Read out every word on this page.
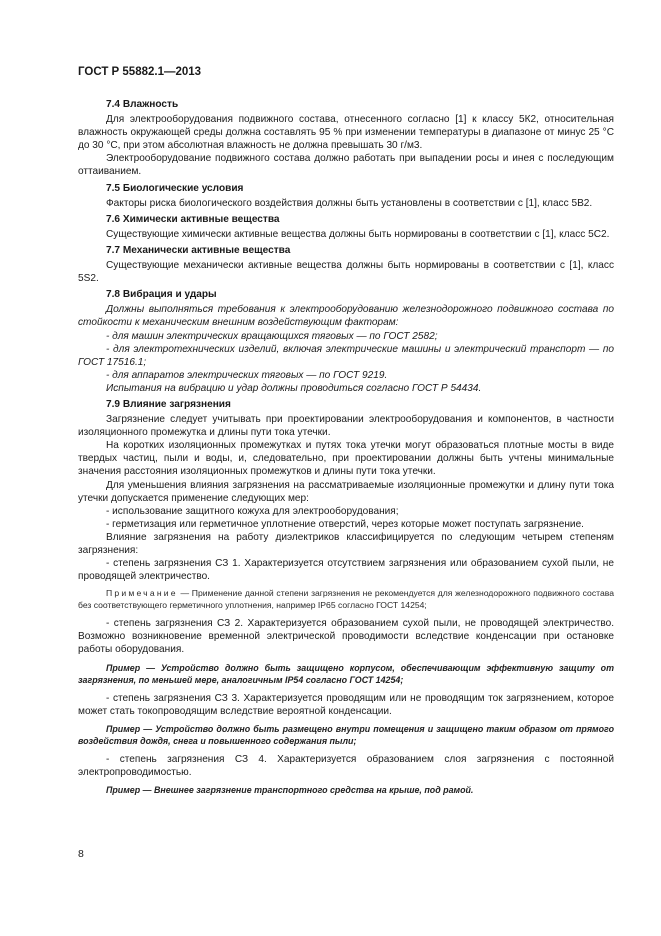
ГОСТ Р 55882.1—2013
7.4 Влажность

Для электрооборудования подвижного состава, отнесенного согласно [1] к классу 5К2, относительная влажность окружающей среды должна составлять 95 % при изменении температуры в диапазоне от минус 25 °С до 30 °С, при этом абсолютная влажность не должна превышать 30 г/м3.

Электрооборудование подвижного состава должно работать при выпадении росы и инея с последующим оттаиванием.

7.5 Биологические условия

Факторы риска биологического воздействия должны быть установлены в соответствии с [1], класс 5В2.

7.6 Химически активные вещества

Существующие химически активные вещества должны быть нормированы в соответствии с [1], класс 5С2.

7.7 Механически активные вещества

Существующие механически активные вещества должны быть нормированы в соответствии с [1], класс 5S2.

7.8 Вибрация и удары

Должны выполняться требования к электрооборудованию железнодорожного подвижного состава по стойкости к механическим внешним воздействующим факторам:

- для машин электрических вращающихся тяговых — по ГОСТ 2582;

- для электротехнических изделий, включая электрические машины и электрический транспорт — по ГОСТ 17516.1;

- для аппаратов электрических тяговых — по ГОСТ 9219.

Испытания на вибрацию и удар должны проводиться согласно ГОСТ Р 54434.

7.9 Влияние загрязнения

Загрязнение следует учитывать при проектировании электрооборудования и компонентов, в частности изоляционного промежутка и длины пути тока утечки.

На коротких изоляционных промежутках и путях тока утечки могут образоваться плотные мосты в виде твердых частиц, пыли и воды, и, следовательно, при проектировании должны быть учтены минимальные значения расстояния изоляционных промежутков и длины пути тока утечки.

Для уменьшения влияния загрязнения на рассматриваемые изоляционные промежутки и длину пути тока утечки допускается применение следующих мер:

- использование защитного кожуха для электрооборудования;

- герметизация или герметичное уплотнение отверстий, через которые может поступать загрязнение.

Влияние загрязнения на работу диэлектриков классифицируется по следующим четырем степеням загрязнения:

- степень загрязнения СЗ 1. Характеризуется отсутствием загрязнения или образованием сухой пыли, не проводящей электричество.

Примечание — Применение данной степени загрязнения не рекомендуется для железнодорожного подвижного состава без соответствующего герметичного уплотнения, например IP65 согласно ГОСТ 14254;

- степень загрязнения СЗ 2. Характеризуется образованием сухой пыли, не проводящей электричество. Возможно возникновение временной электрической проводимости вследствие конденсации при остановке работы оборудования.

Пример — Устройство должно быть защищено корпусом, обеспечивающим эффективную защиту от загрязнения, по меньшей мере, аналогичным IP54 согласно ГОСТ 14254;

- степень загрязнения СЗ 3. Характеризуется проводящим или не проводящим ток загрязнением, которое может стать токопроводящим вследствие вероятной конденсации.

Пример — Устройство должно быть размещено внутри помещения и защищено таким образом от прямого воздействия дождя, снега и повышенного содержания пыли;

- степень загрязнения СЗ 4. Характеризуется образованием слоя загрязнения с постоянной электропроводимостью.

Пример — Внешнее загрязнение транспортного средства на крыше, под рамой.

8
